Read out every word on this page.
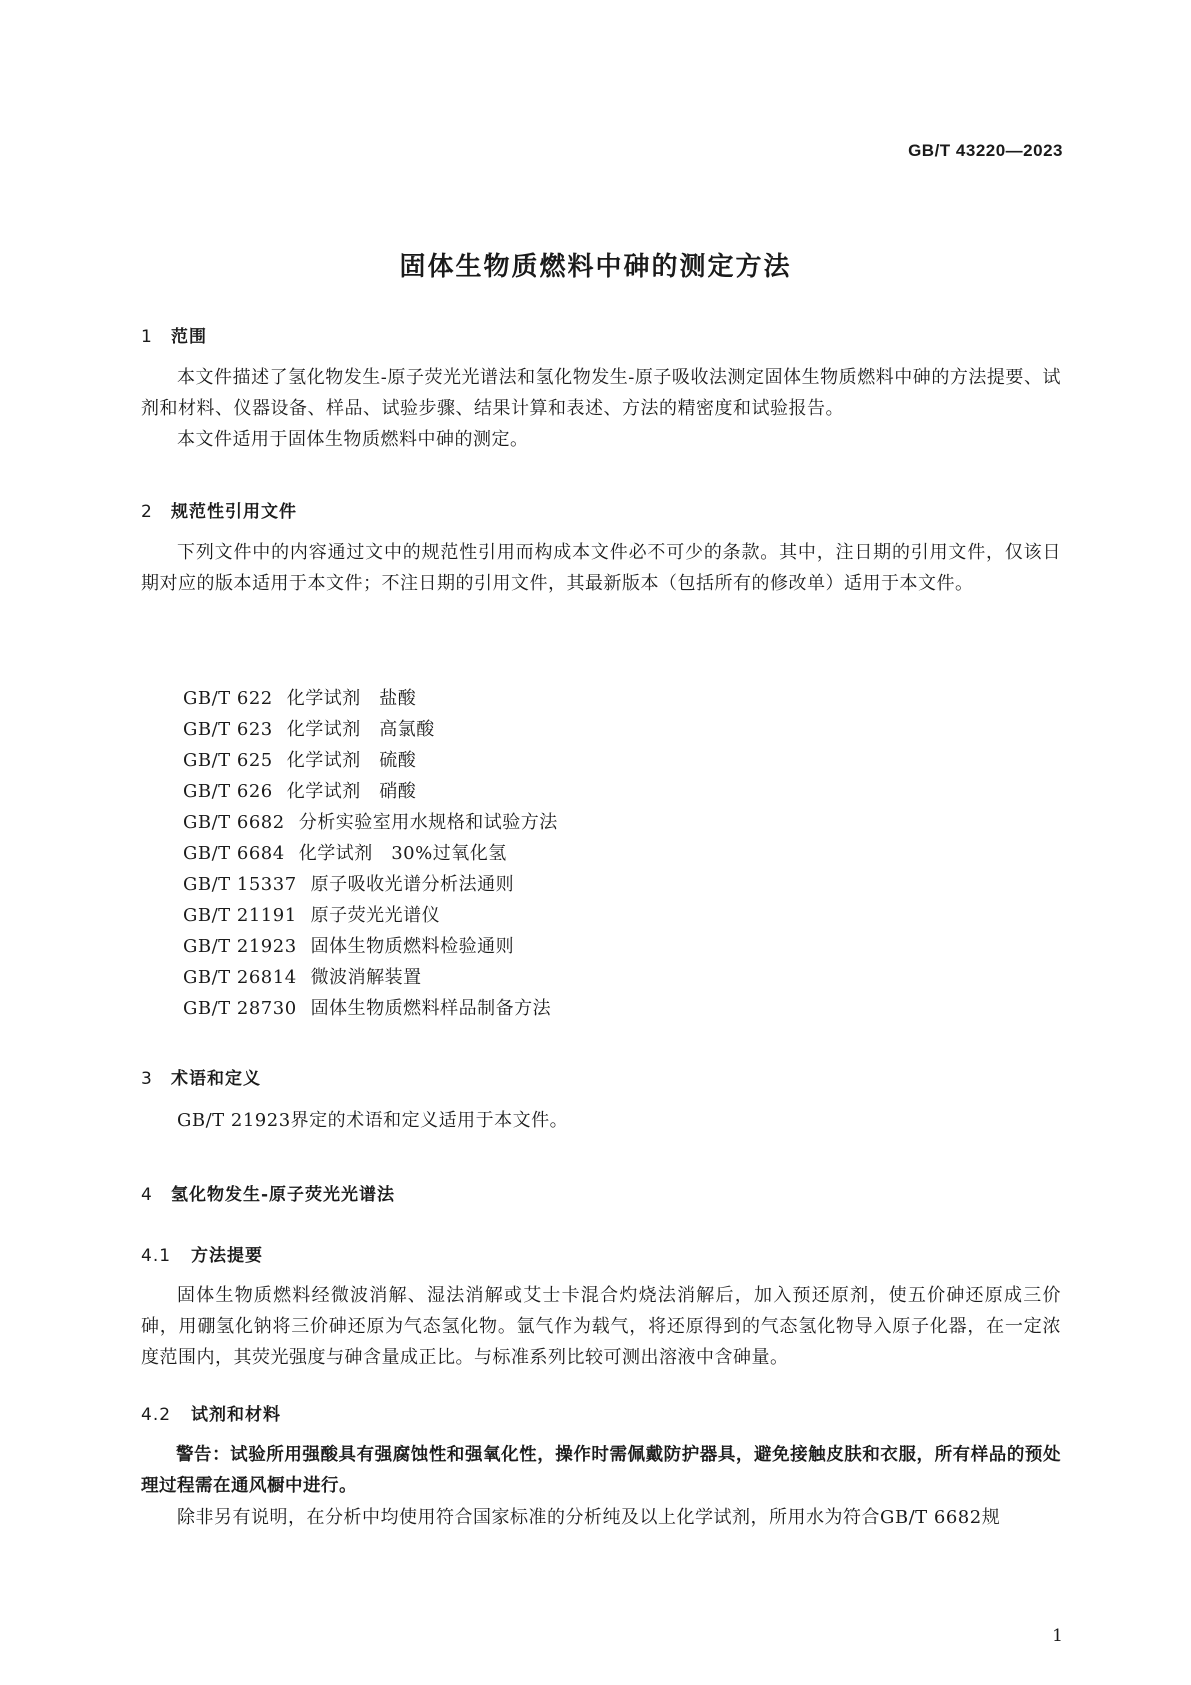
GB/T 43220—2023
固体生物质燃料中砷的测定方法
1 范围

本文件描述了氢化物发生-原子荧光光谱法和氢化物发生-原子吸收法测定固体生物质燃料中砷的方法提要、试剂和材料、仪器设备、样品、试验步骤、结果计算和表述、方法的精密度和试验报告。

本文件适用于固体生物质燃料中砷的测定。

2 规范性引用文件

下列文件中的内容通过文中的规范性引用而构成本文件必不可少的条款。其中，注日期的引用文件，仅该日期对应的版本适用于本文件；不注日期的引用文件，其最新版本（包括所有的修改单）适用于本文件。

GB/T 622 化学试剂　盐酸
GB/T 623 化学试剂　高氯酸
GB/T 625 化学试剂　硫酸
GB/T 626 化学试剂　硝酸
GB/T 6682 分析实验室用水规格和试验方法
GB/T 6684 化学试剂　30%过氧化氢
GB/T 15337 原子吸收光谱分析法通则
GB/T 21191 原子荧光光谱仪
GB/T 21923 固体生物质燃料检验通则
GB/T 26814 微波消解装置
GB/T 28730 固体生物质燃料样品制备方法
3 术语和定义

GB/T 21923界定的术语和定义适用于本文件。

4 氢化物发生-原子荧光光谱法
4.1 方法提要

固体生物质燃料经微波消解、湿法消解或艾士卡混合灼烧法消解后，加入预还原剂，使五价砷还原成三价砷，用硼氢化钠将三价砷还原为气态氢化物。氩气作为载气，将还原得到的气态氢化物导入原子化器，在一定浓度范围内，其荧光强度与砷含量成正比。与标准系列比较可测出溶液中含砷量。

4.2 试剂和材料

警告：试验所用强酸具有强腐蚀性和强氧化性，操作时需佩戴防护器具，避免接触皮肤和衣服，所有样品的预处理过程需在通风橱中进行。

除非另有说明，在分析中均使用符合国家标准的分析纯及以上化学试剂，所用水为符合GB/T 6682规

1
